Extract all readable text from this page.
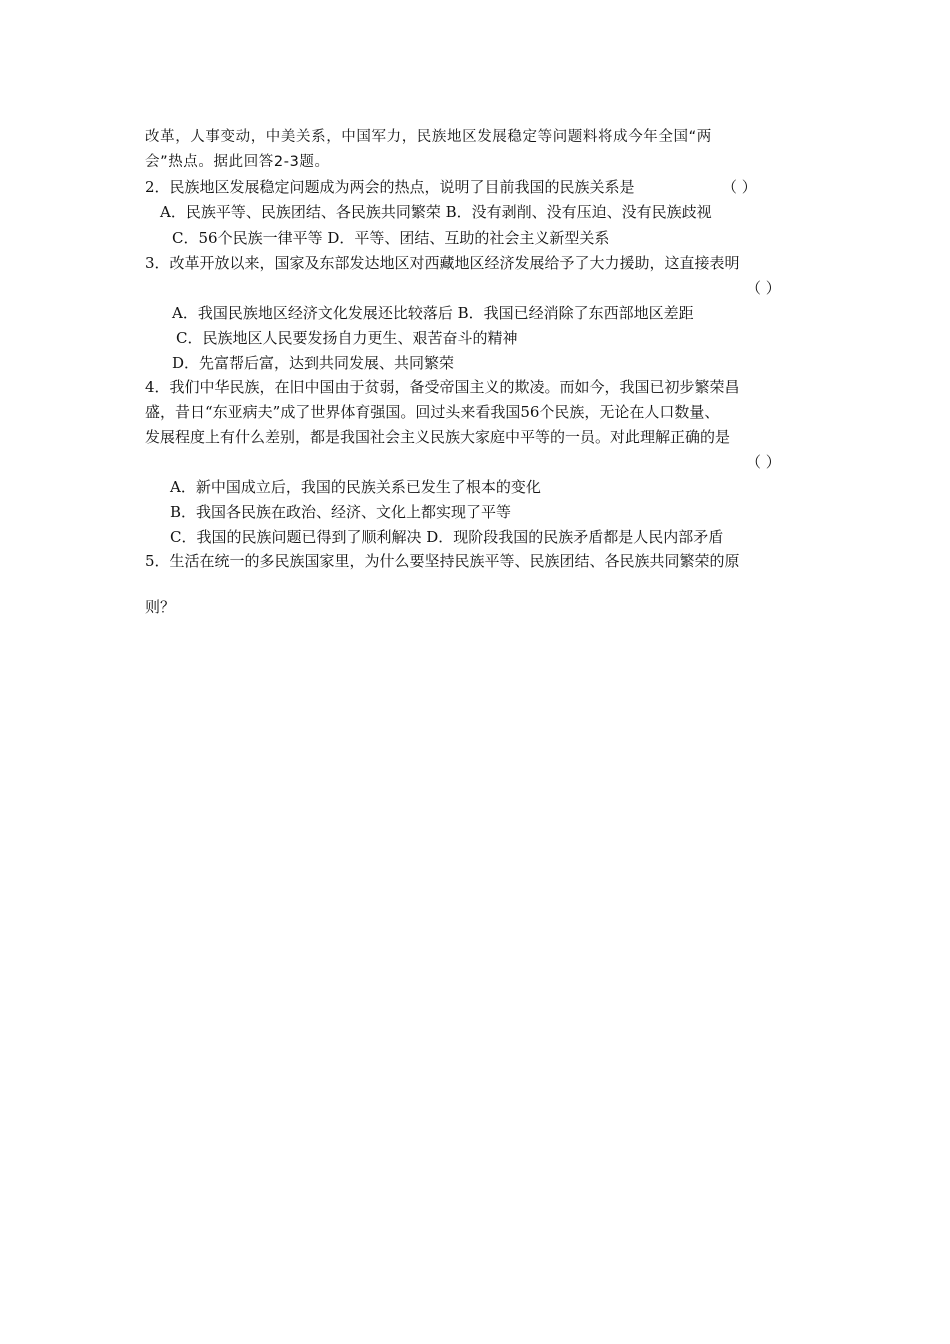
改革，人事变动，中美关系，中国军力，民族地区发展稳定等问题料将成今年全国“两
会”热点。据此回答2-3题。
2．民族地区发展稳定问题成为两会的热点，说明了目前我国的民族关系是	（ ）
A．民族平等、民族团结、各民族共同繁荣 B．没有剥削、没有压迫、没有民族歧视
C．56个民族一律平等 D．平等、团结、互助的社会主义新型关系
3．改革开放以来，国家及东部发达地区对西藏地区经济发展给予了大力援助，这直接表明
（ ）
A．我国民族地区经济文化发展还比较落后 B．我国已经消除了东西部地区差距
C．民族地区人民要发扬自力更生、艰苦奋斗的精神
D．先富帮后富，达到共同发展、共同繁荣
4．我们中华民族，在旧中国由于贫弱，备受帝国主义的欺凌。而如今，我国已初步繁荣昌
盛，昔日“东亚病夫”成了世界体育强国。回过头来看我国56个民族，无论在人口数量、
发展程度上有什么差别，都是我国社会主义民族大家庭中平等的一员。对此理解正确的是
（ ）
A．新中国成立后，我国的民族关系已发生了根本的变化
B．我国各民族在政治、经济、文化上都实现了平等
C．我国的民族问题已得到了顺利解决 D．现阶段我国的民族矛盾都是人民内部矛盾
5．生活在统一的多民族国家里，为什么要坚持民族平等、民族团结、各民族共同繁荣的原
则？
